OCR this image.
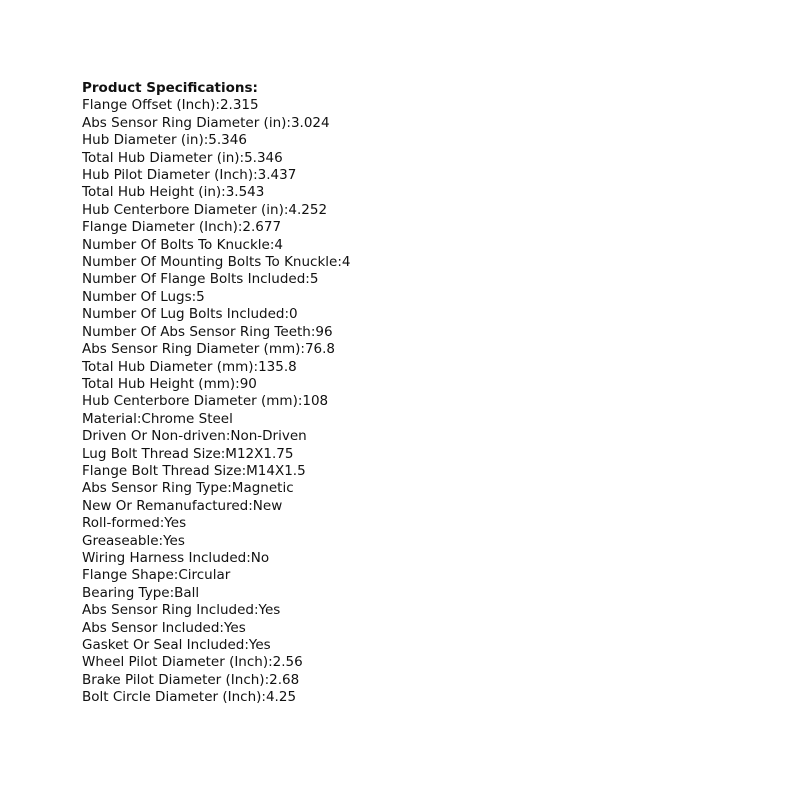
Product Specifications:
Flange Offset (Inch):2.315
Abs Sensor Ring Diameter (in):3.024
Hub Diameter (in):5.346
Total Hub Diameter (in):5.346
Hub Pilot Diameter (Inch):3.437
Total Hub Height (in):3.543
Hub Centerbore Diameter (in):4.252
Flange Diameter (Inch):2.677
Number Of Bolts To Knuckle:4
Number Of Mounting Bolts To Knuckle:4
Number Of Flange Bolts Included:5
Number Of Lugs:5
Number Of Lug Bolts Included:0
Number Of Abs Sensor Ring Teeth:96
Abs Sensor Ring Diameter (mm):76.8
Total Hub Diameter (mm):135.8
Total Hub Height (mm):90
Hub Centerbore Diameter (mm):108
Material:Chrome Steel
Driven Or Non-driven:Non-Driven
Lug Bolt Thread Size:M12X1.75
Flange Bolt Thread Size:M14X1.5
Abs Sensor Ring Type:Magnetic
New Or Remanufactured:New
Roll-formed:Yes
Greaseable:Yes
Wiring Harness Included:No
Flange Shape:Circular
Bearing Type:Ball
Abs Sensor Ring Included:Yes
Abs Sensor Included:Yes
Gasket Or Seal Included:Yes
Wheel Pilot Diameter (Inch):2.56
Brake Pilot Diameter (Inch):2.68
Bolt Circle Diameter (Inch):4.25
